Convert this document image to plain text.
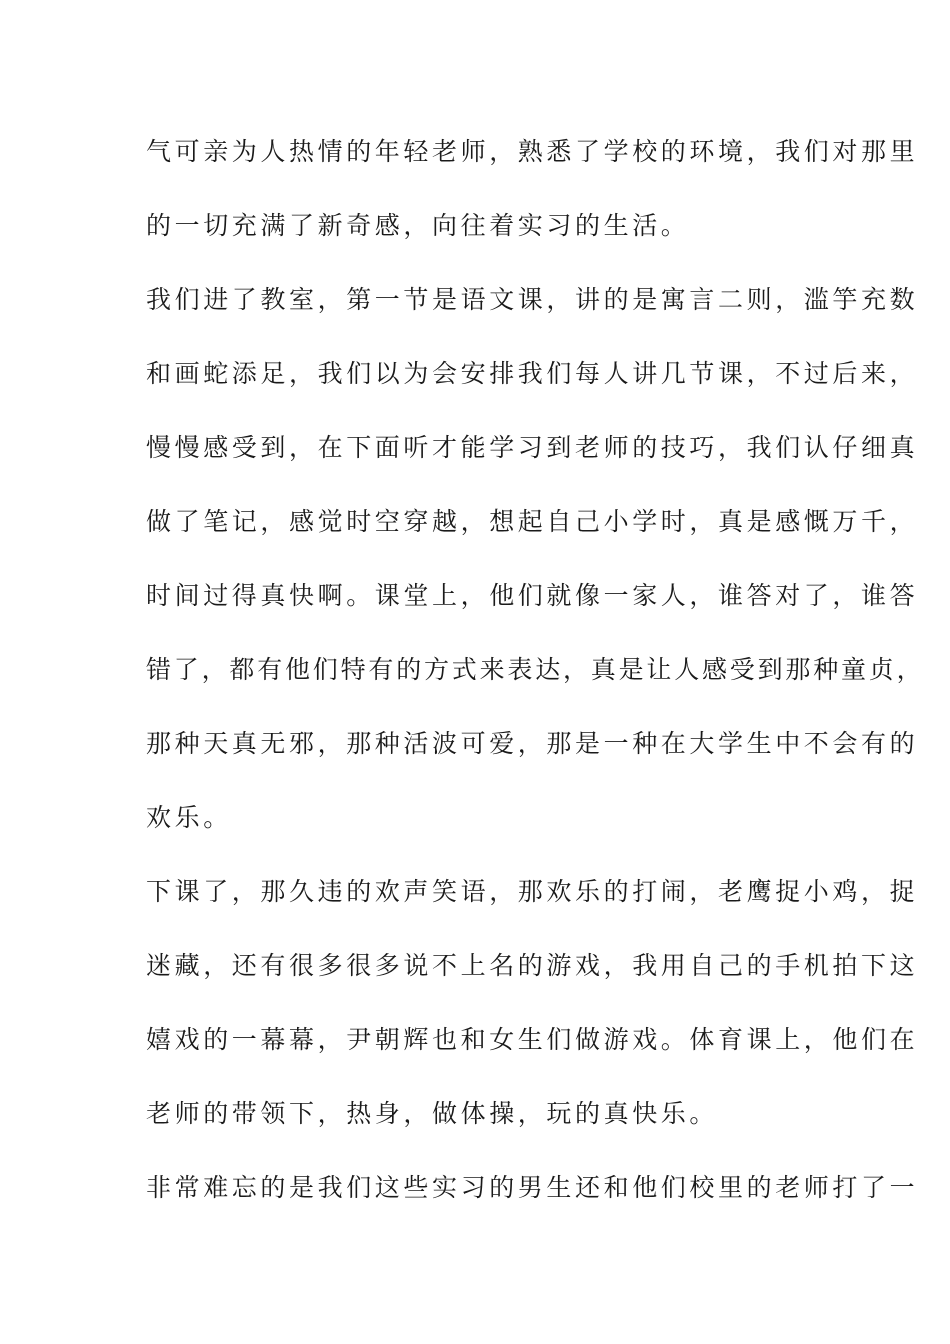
气可亲为人热情的年轻老师，熟悉了学校的环境，我们对那里
的一切充满了新奇感，向往着实习的生活。
我们进了教室，第一节是语文课，讲的是寓言二则，滥竽充数
和画蛇添足，我们以为会安排我们每人讲几节课，不过后来，
慢慢感受到，在下面听才能学习到老师的技巧，我们认仔细真
做了笔记，感觉时空穿越，想起自己小学时，真是感慨万千，
时间过得真快啊。课堂上，他们就像一家人，谁答对了，谁答
错了，都有他们特有的方式来表达，真是让人感受到那种童贞，
那种天真无邪，那种活波可爱，那是一种在大学生中不会有的
欢乐。
下课了，那久违的欢声笑语，那欢乐的打闹，老鹰捉小鸡，捉
迷藏，还有很多很多说不上名的游戏，我用自己的手机拍下这
嬉戏的一幕幕，尹朝辉也和女生们做游戏。体育课上，他们在
老师的带领下，热身，做体操，玩的真快乐。
非常难忘的是我们这些实习的男生还和他们校里的老师打了一
